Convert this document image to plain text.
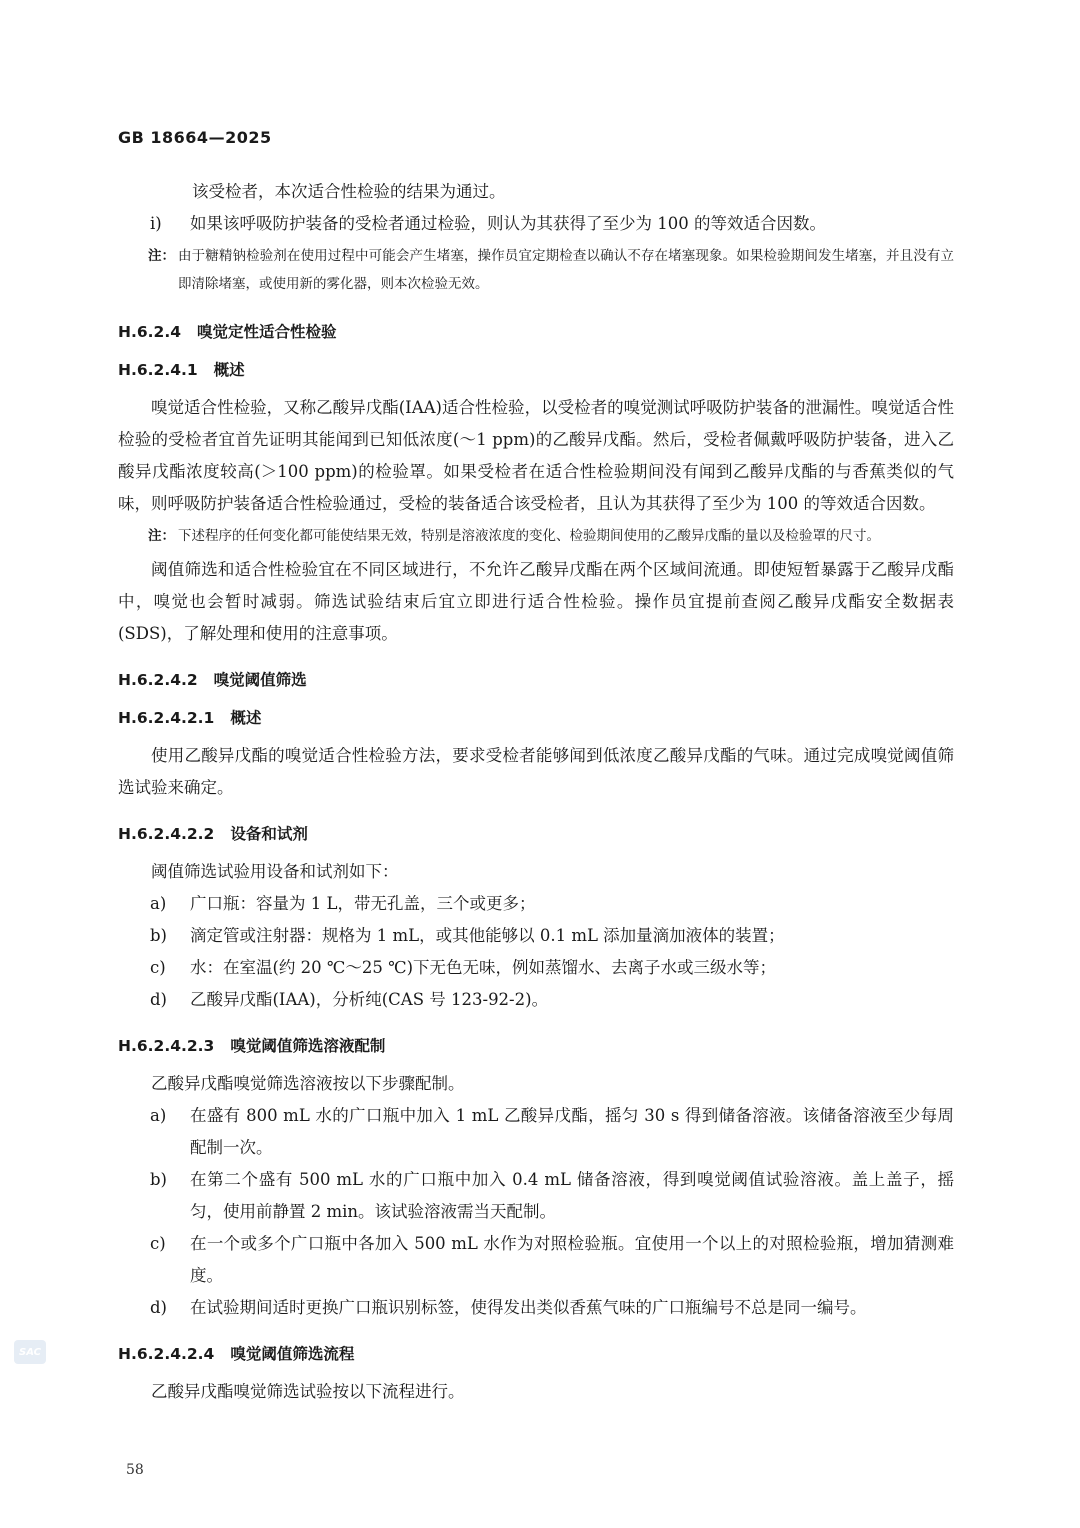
GB 18664—2025

该受检者，本次适合性检验的结果为通过。

i)	如果该呼吸防护装备的受检者通过检验，则认为其获得了至少为 100 的等效适合因数。
注： 由于糖精钠检验剂在使用过程中可能会产生堵塞，操作员宜定期检查以确认不存在堵塞现象。如果检验期间发生堵塞，并且没有立即清除堵塞，或使用新的雾化器，则本次检验无效。

H.6.2.4 嗅觉定性适合性检验

H.6.2.4.1 概述

嗅觉适合性检验，又称乙酸异戊酯(IAA)适合性检验，以受检者的嗅觉测试呼吸防护装备的泄漏性。嗅觉适合性检验的受检者宜首先证明其能闻到已知低浓度(～1 ppm)的乙酸异戊酯。然后，受检者佩戴呼吸防护装备，进入乙酸异戊酯浓度较高(＞100 ppm)的检验罩。如果受检者在适合性检验期间没有闻到乙酸异戊酯的与香蕉类似的气味，则呼吸防护装备适合性检验通过，受检的装备适合该受检者，且认为其获得了至少为 100 的等效适合因数。

注： 下述程序的任何变化都可能使结果无效，特别是溶液浓度的变化、检验期间使用的乙酸异戊酯的量以及检验罩的尺寸。

阈值筛选和适合性检验宜在不同区域进行，不允许乙酸异戊酯在两个区域间流通。即使短暂暴露于乙酸异戊酯中，嗅觉也会暂时减弱。筛选试验结束后宜立即进行适合性检验。操作员宜提前查阅乙酸异戊酯安全数据表(SDS)，了解处理和使用的注意事项。

H.6.2.4.2 嗅觉阈值筛选

H.6.2.4.2.1 概述

使用乙酸异戊酯的嗅觉适合性检验方法，要求受检者能够闻到低浓度乙酸异戊酯的气味。通过完成嗅觉阈值筛选试验来确定。

H.6.2.4.2.2 设备和试剂

阈值筛选试验用设备和试剂如下：

a)	广口瓶：容量为 1 L，带无孔盖，三个或更多；
b)	滴定管或注射器：规格为 1 mL，或其他能够以 0.1 mL 添加量滴加液体的装置；
c)	水：在室温(约 20 ℃～25 ℃)下无色无味，例如蒸馏水、去离子水或三级水等；
d)	乙酸异戊酯(IAA)，分析纯(CAS 号 123-92-2)。

H.6.2.4.2.3 嗅觉阈值筛选溶液配制

乙酸异戊酯嗅觉筛选溶液按以下步骤配制。

a)	在盛有 800 mL 水的广口瓶中加入 1 mL 乙酸异戊酯，摇匀 30 s 得到储备溶液。该储备溶液至少每周配制一次。
b)	在第二个盛有 500 mL 水的广口瓶中加入 0.4 mL 储备溶液，得到嗅觉阈值试验溶液。盖上盖子，摇匀，使用前静置 2 min。该试验溶液需当天配制。
c)	在一个或多个广口瓶中各加入 500 mL 水作为对照检验瓶。宜使用一个以上的对照检验瓶，增加猜测难度。
d)	在试验期间适时更换广口瓶识别标签，使得发出类似香蕉气味的广口瓶编号不总是同一编号。

H.6.2.4.2.4 嗅觉阈值筛选流程

乙酸异戊酯嗅觉筛选试验按以下流程进行。

SAC
58
